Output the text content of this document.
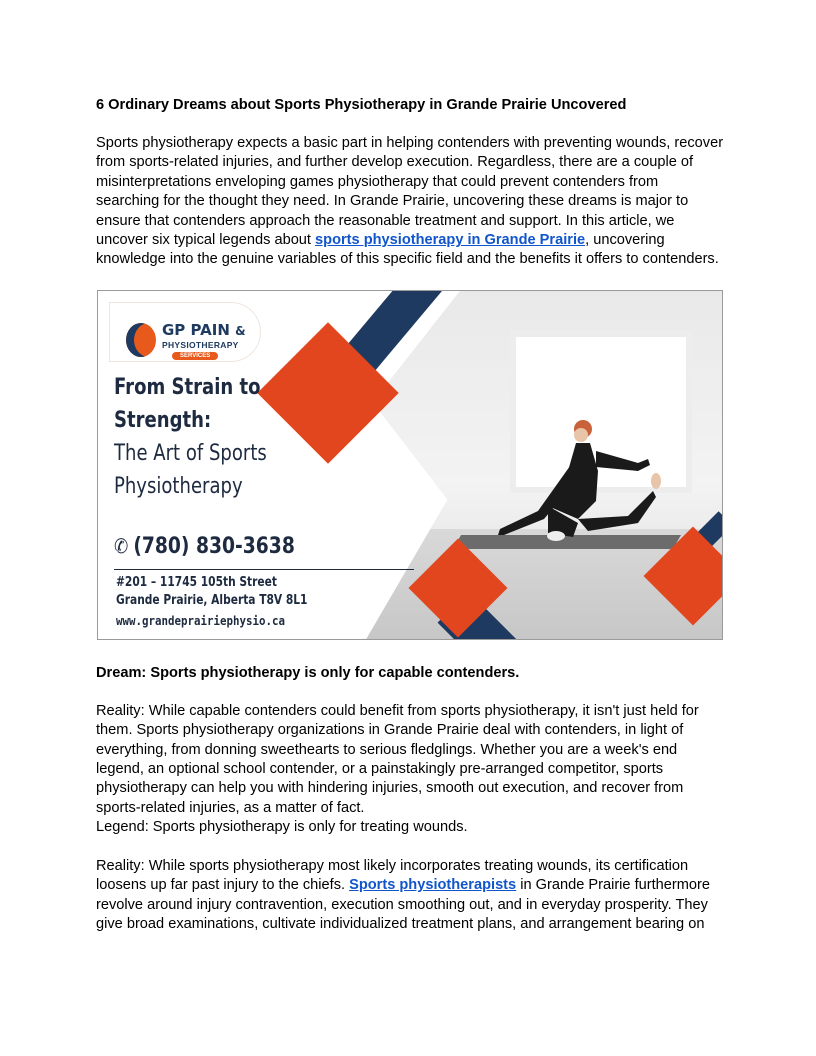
6 Ordinary Dreams about Sports Physiotherapy in Grande Prairie Uncovered

Sports physiotherapy expects a basic part in helping contenders with preventing wounds, recover from sports-related injuries, and further develop execution. Regardless, there are a couple of misinterpretations enveloping games physiotherapy that could prevent contenders from searching for the thought they need. In Grande Prairie, uncovering these dreams is major to ensure that contenders approach the reasonable treatment and support. In this article, we uncover six typical legends about sports physiotherapy in Grande Prairie, uncovering knowledge into the genuine variables of this specific field and the benefits it offers to contenders.

GP PAIN &
PHYSIOTHERAPY
SERVICES
From Strain to
Strength:
The Art of Sports
Physiotherapy
✆ (780) 830-3638
#201 – 11745 105th Street
Grande Prairie, Alberta T8V 8L1
www.grandeprairiephysio.ca
Dream: Sports physiotherapy is only for capable contenders.

Reality: While capable contenders could benefit from sports physiotherapy, it isn't just held for them. Sports physiotherapy organizations in Grande Prairie deal with contenders, in light of everything, from donning sweethearts to serious fledglings. Whether you are a week's end legend, an optional school contender, or a painstakingly pre-arranged competitor, sports physiotherapy can help you with hindering injuries, smooth out execution, and recover from sports-related injuries, as a matter of fact.

Legend: Sports physiotherapy is only for treating wounds.

Reality: While sports physiotherapy most likely incorporates treating wounds, its certification loosens up far past injury to the chiefs. Sports physiotherapists in Grande Prairie furthermore revolve around injury contravention, execution smoothing out, and in everyday prosperity. They give broad examinations, cultivate individualized treatment plans, and arrangement bearing on
